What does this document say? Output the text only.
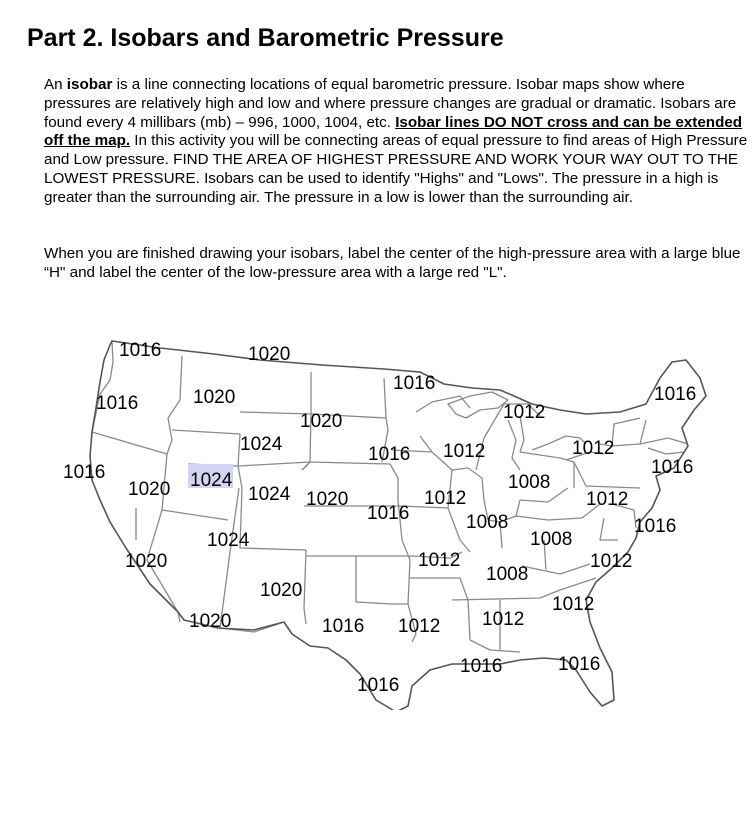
Part 2. Isobars and Barometric Pressure

An isobar is a line connecting locations of equal barometric pressure. Isobar maps show where pressures are relatively high and low and where pressure changes are gradual or dramatic. Isobars are found every 4 millibars (mb) – 996, 1000, 1004, etc. Isobar lines DO NOT cross and can be extended off the map. In this activity you will be connecting areas of equal pressure to find areas of High Pressure and Low pressure. FIND THE AREA OF HIGHEST PRESSURE AND WORK YOUR WAY OUT TO THE LOWEST PRESSURE. Isobars can be used to identify "Highs" and "Lows". The pressure in a high is greater than the surrounding air. The pressure in a low is lower than the surrounding air.

When you are finished drawing your isobars, label the center of the high-pressure area with a large blue “H" and label the center of the low-pressure area with a large red "L".

1016	1020
1016
1020
1020
1016	1012
1016
1024	1016 1012	1012
1016
1020 1024
1024 1020
1008
1016
1012	1012
1008
1016
1024	1008
1020	1012
1016
1008
1012
1020
1012
1020	1016 1012 1012
1016	1016
1016
